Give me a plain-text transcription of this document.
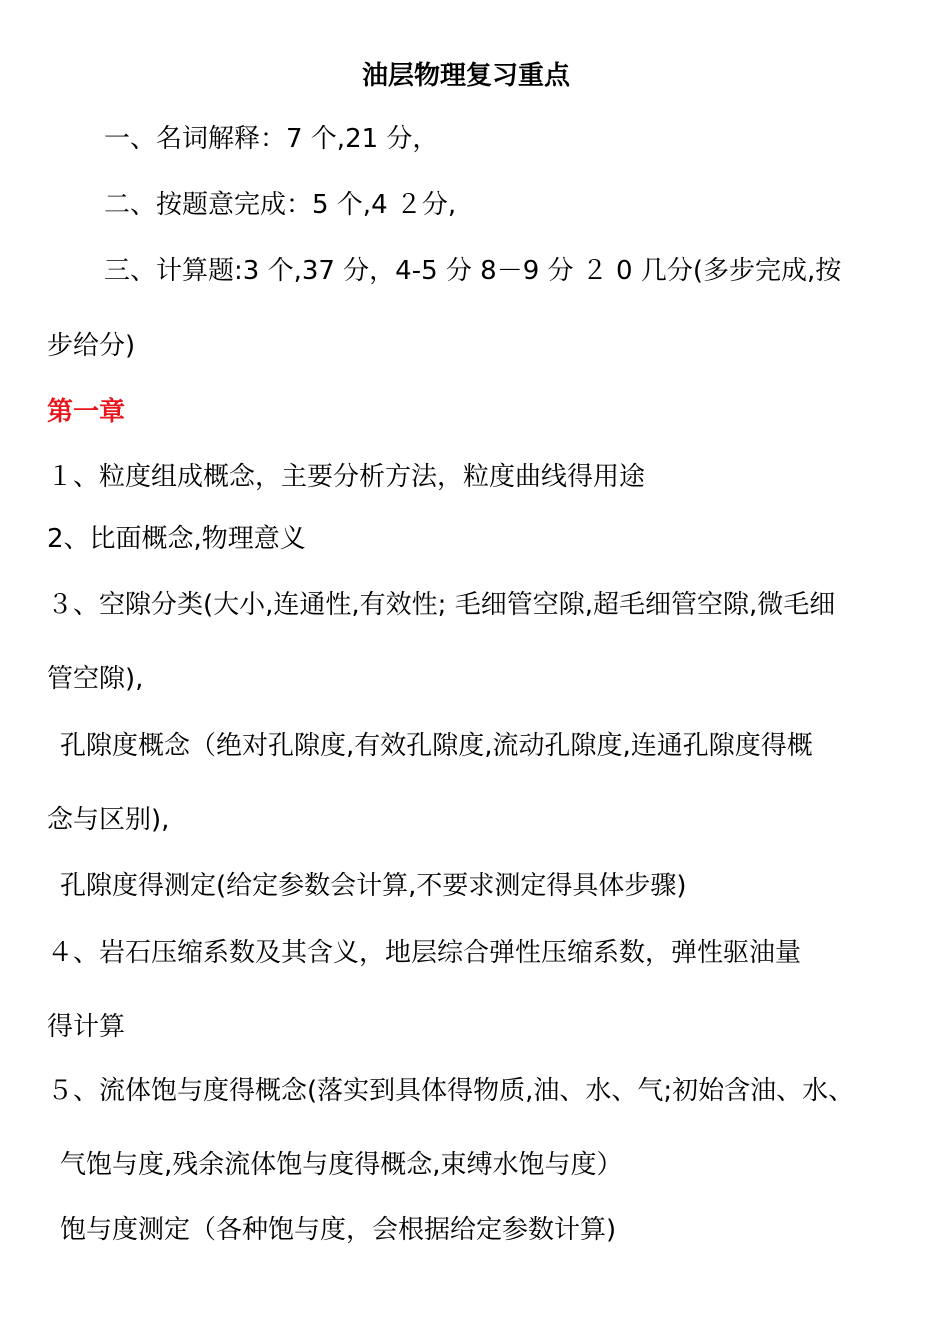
油层物理复习重点
一、名词解释：7 个,21 分，
二、按题意完成：5 个,4 ２分,
三、计算题:3 个,37 分，4-5 分 8－9 分 ２ 0 几分(多步完成,按
步给分)
第一章
１、粒度组成概念，主要分析方法，粒度曲线得用途
2、比面概念,物理意义
３、空隙分类(大小,连通性,有效性; 毛细管空隙,超毛细管空隙,微毛细
管空隙),
孔隙度概念（绝对孔隙度,有效孔隙度,流动孔隙度,连通孔隙度得概
念与区别),
孔隙度得测定(给定参数会计算,不要求测定得具体步骤)
４、岩石压缩系数及其含义，地层综合弹性压缩系数，弹性驱油量
得计算
５、流体饱与度得概念(落实到具体得物质,油、水、气;初始含油、水、
气饱与度,残余流体饱与度得概念,束缚水饱与度）
饱与度测定（各种饱与度，会根据给定参数计算)
